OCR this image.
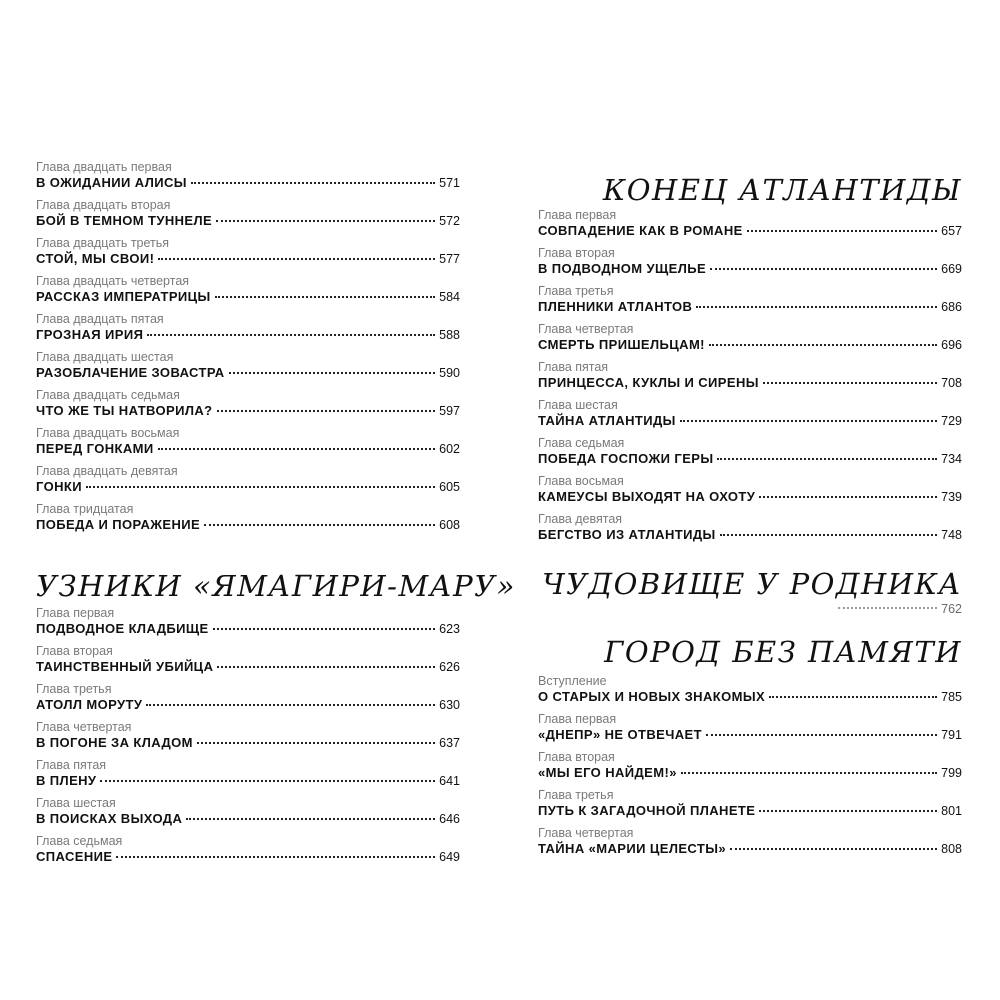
Глава двадцать первая
В ОЖИДАНИИ АЛИСЫ	571
Глава двадцать вторая
БОЙ В ТЕМНОМ ТУННЕЛЕ	572
Глава двадцать третья
СТОЙ, МЫ СВОИ!	577
Глава двадцать четвертая
РАССКАЗ ИМПЕРАТРИЦЫ	584
Глава двадцать пятая
ГРОЗНАЯ ИРИЯ	588
Глава двадцать шестая
РАЗОБЛАЧЕНИЕ ЗОВАСТРА	590
Глава двадцать седьмая
ЧТО ЖЕ ТЫ НАТВОРИЛА?	597
Глава двадцать восьмая
ПЕРЕД ГОНКАМИ	602
Глава двадцать девятая
ГОНКИ	605
Глава тридцатая
ПОБЕДА И ПОРАЖЕНИЕ	608
УЗНИКИ «ЯМАГИРИ-МАРУ»
Глава первая
ПОДВОДНОЕ КЛАДБИЩЕ	623
Глава вторая
ТАИНСТВЕННЫЙ УБИЙЦА	626
Глава третья
АТОЛЛ МОРУТУ	630
Глава четвертая
В ПОГОНЕ ЗА КЛАДОМ	637
Глава пятая
В ПЛЕНУ	641
Глава шестая
В ПОИСКАХ ВЫХОДА	646
Глава седьмая
СПАСЕНИЕ	649
КОНЕЦ АТЛАНТИДЫ
Глава первая
СОВПАДЕНИЕ КАК В РОМАНЕ	657
Глава вторая
В ПОДВОДНОМ УЩЕЛЬЕ	669
Глава третья
ПЛЕННИКИ АТЛАНТОВ	686
Глава четвертая
СМЕРТЬ ПРИШЕЛЬЦАМ!	696
Глава пятая
ПРИНЦЕССА, КУКЛЫ И СИРЕНЫ	708
Глава шестая
ТАЙНА АТЛАНТИДЫ	729
Глава седьмая
ПОБЕДА ГОСПОЖИ ГЕРЫ	734
Глава восьмая
КАМЕУСЫ ВЫХОДЯТ НА ОХОТУ	739
Глава девятая
БЕГСТВО ИЗ АТЛАНТИДЫ	748
ЧУДОВИЩЕ У РОДНИКА
762
ГОРОД БЕЗ ПАМЯТИ
Вступление
О СТАРЫХ И НОВЫХ ЗНАКОМЫХ	785
Глава первая
«ДНЕПР» НЕ ОТВЕЧАЕТ	791
Глава вторая
«МЫ ЕГО НАЙДЕМ!»	799
Глава третья
ПУТЬ К ЗАГАДОЧНОЙ ПЛАНЕТЕ	801
Глава четвертая
ТАЙНА «МАРИИ ЦЕЛЕСТЫ»	808
